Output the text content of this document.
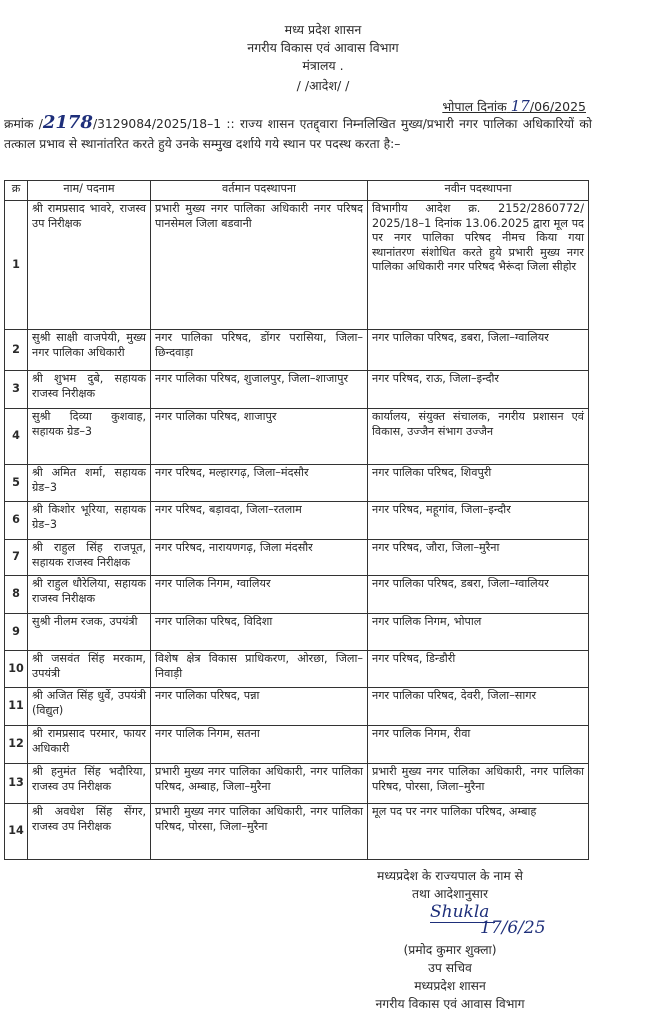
मध्य प्रदेश शासन
नगरीय विकास एवं आवास विभाग
मंत्रालय .
/ /आदेश/ /
भोपाल दिनांक 17/06/2025
क्रमांक /2178/3129084/2025/18–1 :: राज्य शासन एतद्द्वारा निम्नलिखित मुख्य/प्रभारी नगर पालिका अधिकारियों को तत्काल प्रभाव से स्थानांतरित करते हुये उनके सम्मुख दर्शाये गये स्थान पर पदस्थ करता है:–
क्र	नाम/ पदनाम	वर्तमान पदस्थापना	नवीन पदस्थापना
1	श्री रामप्रसाद भावरे, राजस्व उप निरीक्षक	प्रभारी मुख्य नगर पालिका अधिकारी नगर परिषद पानसेमल जिला बडवानी	विभागीय आदेश क्र. 2152/2860772/ 2025/18–1 दिनांक 13.06.2025 द्वारा मूल पद पर नगर पालिका परिषद नीमच किया गया स्थानांतरण संशोधित करते हुये प्रभारी मुख्य नगर पालिका अधिकारी नगर परिषद भैरूंदा जिला सीहोर
2	सुश्री साक्षी वाजपेयी, मुख्य नगर पालिका अधिकारी	नगर पालिका परिषद, डोंगर परासिया, जिला–छिन्दवाड़ा	नगर पालिका परिषद, डबरा, जिला–ग्वालियर
3	श्री शुभम दुबे, सहायक राजस्व निरीक्षक	नगर पालिका परिषद, शुजालपुर, जिला–शाजापुर	नगर परिषद, राऊ, जिला–इन्दौर
4	सुश्री दिव्या कुशवाह, सहायक ग्रेड–3	नगर पालिका परिषद, शाजापुर	कार्यालय, संयुक्त संचालक, नगरीय प्रशासन एवं विकास, उज्जैन संभाग उज्जैन
5	श्री अमित शर्मा, सहायक ग्रेड–3	नगर परिषद, मल्हारगढ़, जिला–मंदसौर	नगर पालिका परिषद, शिवपुरी
6	श्री किशोर भूरिया, सहायक ग्रेड–3	नगर परिषद, बड़ावदा, जिला–रतलाम	नगर परिषद, महूगांव, जिला–इन्दौर
7	श्री राहुल सिंह राजपूत, सहायक राजस्व निरीक्षक	नगर परिषद, नारायणगढ़, जिला मंदसौर	नगर परिषद, जौरा, जिला–मुरैना
8	श्री राहुल धौरेलिया, सहायक राजस्व निरीक्षक	नगर पालिक निगम, ग्वालियर	नगर पालिका परिषद, डबरा, जिला–ग्वालियर
9	सुश्री नीलम रजक, उपयंत्री	नगर पालिका परिषद, विदिशा	नगर पालिक निगम, भोपाल
10	श्री जसवंत सिंह मरकाम, उपयंत्री	विशेष क्षेत्र विकास प्राधिकरण, ओरछा, जिला–निवाड़ी	नगर परिषद, डिन्डौरी
11	श्री अजित सिंह धुर्वे, उपयंत्री (विद्युत)	नगर पालिका परिषद, पन्ना	नगर पालिका परिषद, देवरी, जिला–सागर
12	श्री रामप्रसाद परमार, फायर अधिकारी	नगर पालिक निगम, सतना	नगर पालिक निगम, रीवा
13	श्री हनुमंत सिंह भदौरिया, राजस्व उप निरीक्षक	प्रभारी मुख्य नगर पालिका अधिकारी, नगर पालिका परिषद, अम्बाह, जिला–मुरैना	प्रभारी मुख्य नगर पालिका अधिकारी, नगर पालिका परिषद, पोरसा, जिला–मुरैना
14	श्री अवधेश सिंह सेंगर, राजस्व उप निरीक्षक	प्रभारी मुख्य नगर पालिका अधिकारी, नगर पालिका परिषद, पोरसा, जिला–मुरैना	मूल पद पर नगर पालिका परिषद, अम्बाह
मध्यप्रदेश के राज्यपाल के नाम से
तथा आदेशानुसार
Shukla
17/6/25
(प्रमोद कुमार शुक्ला)
उप सचिव
मध्यप्रदेश शासन
नगरीय विकास एवं आवास विभाग
